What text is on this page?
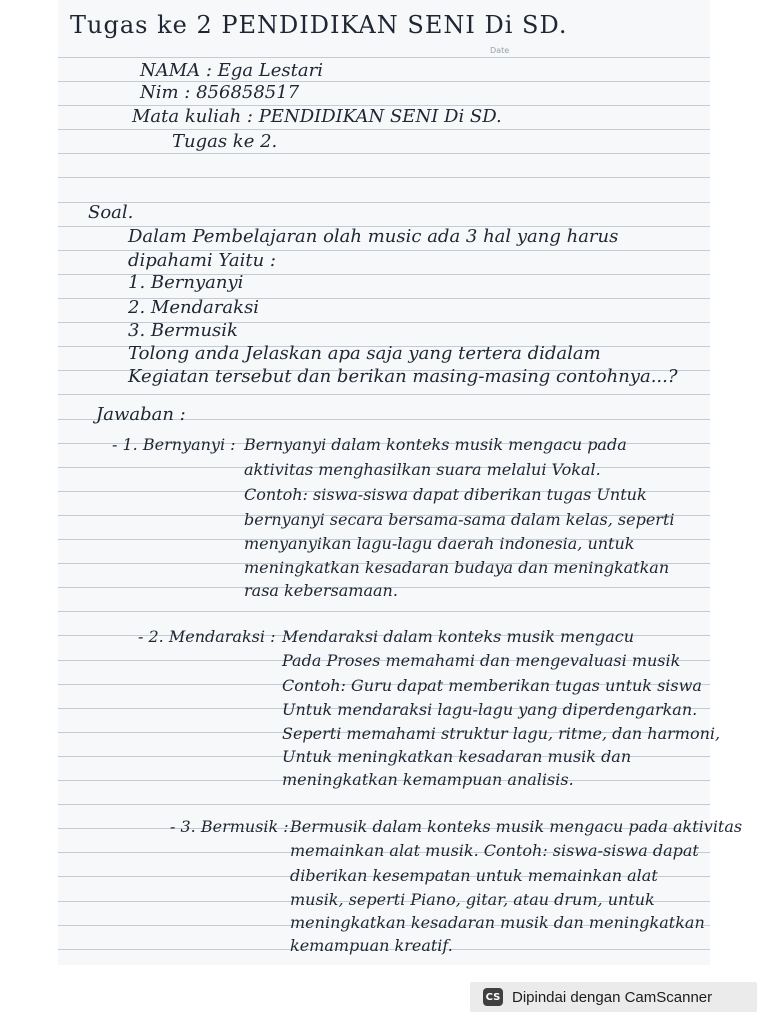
Date
Tugas ke 2 PENDIDIKAN SENI Di SD.
NAMA : Ega Lestari
Nim : 856858517
Mata kuliah : PENDIDIKAN SENI Di SD.
Tugas ke 2.
Soal.
Dalam Pembelajaran olah music ada 3 hal yang harus
dipahami Yaitu :
1. Bernyanyi
2. Mendaraksi
3. Bermusik
Tolong anda Jelaskan apa saja yang tertera didalam
Kegiatan tersebut dan berikan masing-masing contohnya...?
Jawaban :
- 1. Bernyanyi : Bernyanyi dalam konteks musik mengacu pada
aktivitas menghasilkan suara melalui Vokal.
Contoh: siswa-siswa dapat diberikan tugas Untuk
bernyanyi secara bersama-sama dalam kelas, seperti
menyanyikan lagu-lagu daerah indonesia, untuk
meningkatkan kesadaran budaya dan meningkatkan
rasa kebersamaan.
- 2. Mendaraksi : Mendaraksi dalam konteks musik mengacu
Pada Proses memahami dan mengevaluasi musik
Contoh: Guru dapat memberikan tugas untuk siswa
Untuk mendaraksi lagu-lagu yang diperdengarkan.
Seperti memahami struktur lagu, ritme, dan harmoni,
Untuk meningkatkan kesadaran musik dan
meningkatkan kemampuan analisis.
- 3. Bermusik : Bermusik dalam konteks musik mengacu pada aktivitas
memainkan alat musik. Contoh: siswa-siswa dapat
diberikan kesempatan untuk memainkan alat
musik, seperti Piano, gitar, atau drum, untuk
meningkatkan kesadaran musik dan meningkatkan
kemampuan kreatif.
CS Dipindai dengan CamScanner
